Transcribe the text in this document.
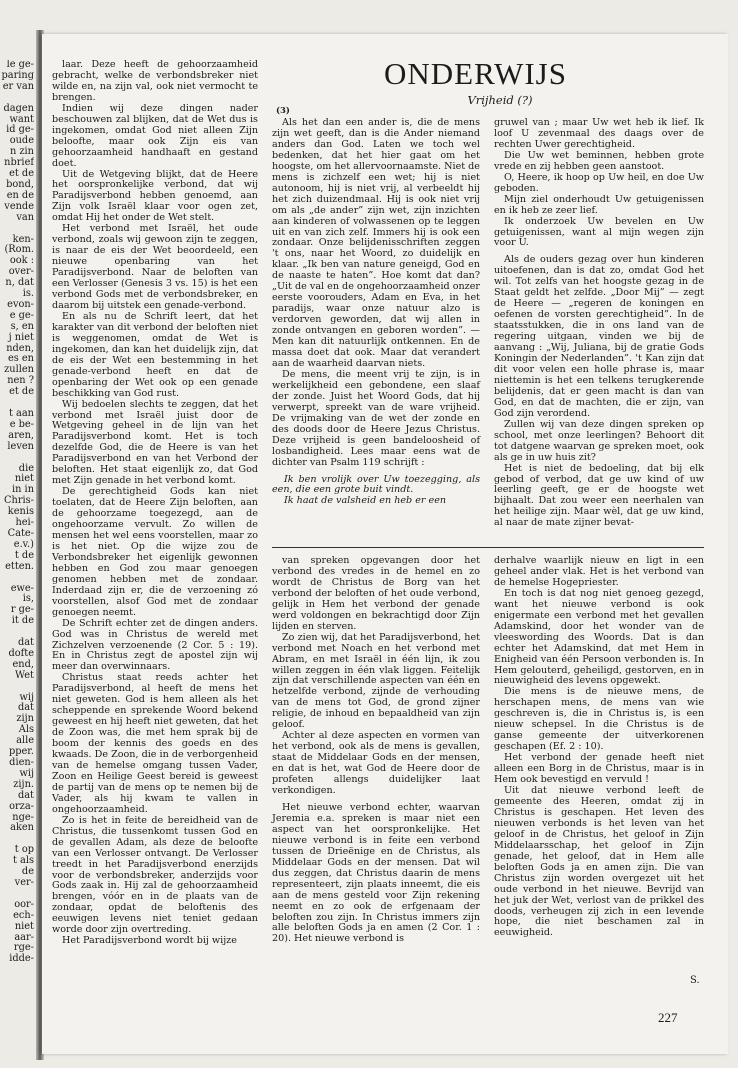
le ge-
paring
er van

dagen
want
id ge-
oude
n zin
nbrief
et de
bond,
en de
vende
van

ken-
(Rom.
ook :
over-
n, dat
is.
evon-
e ge-
s, en
j niet
nden,
es en
zullen
nen ?
et de

t aan
e be-
aren,
leven

die
niet
in in
Chris-
kenis
hei-
Cate-
e.v.)
t de
etten.

ewe-
is,
r ge-
it de

dat
dofte
end,
Wet

wij
dat
zijn
Als
alle
pper.
dien-
wij
zijn.
dat
orza-
nge-
aken

t op
t als
de
ver-

oor-
ech-
niet
aar-
rge-
idde-
ONDERWIJS
Vrijheid (?)
(3)

laar. Deze heeft de gehoorzaamheid gebracht, welke de verbondsbreker niet wilde en, na zijn val, ook niet vermocht te brengen.

Indien wij deze dingen nader beschouwen zal blijken, dat de Wet dus is ingekomen, omdat God niet alleen Zijn beloofte, maar ook Zijn eis van gehoorzaamheid handhaaft en gestand doet.

Uit de Wetgeving blijkt, dat de Heere het oorspronkelijke verbond, dat wij Paradijsverbond hebben genoemd, aan Zijn volk Israël klaar voor ogen zet, omdat Hij het onder de Wet stelt.

Het verbond met Israël, het oude verbond, zoals wij gewoon zijn te zeggen, is naar de eis der Wet beoordeeld, een nieuwe openbaring van het Paradijsverbond. Naar de beloften van een Verlosser (Genesis 3 vs. 15) is het een verbond Gods met de verbondsbreker, en daarom bij uitstek een genade-verbond.

En als nu de Schrift leert, dat het karakter van dit verbond der beloften niet is weggenomen, omdat de Wet is ingekomen, dan kan het duidelijk zijn, dat de eis der Wet een bestemming in het genade-verbond heeft en dat de openbaring der Wet ook op een genade beschikking van God rust.

Wij bedoelen slechts te zeggen, dat het verbond met Israël juist door de Wetgeving geheel in de lijn van het Paradijsverbond komt. Het is toch dezelfde God, die de Heere is van het Paradijsverbond en van het Verbond der beloften. Het staat eigenlijk zo, dat God met Zijn genade in het verbond komt.

De gerechtigheid Gods kan niet toelaten, dat de Heere Zijn beloften, aan de gehoorzame toegezegd, aan de ongehoorzame vervult. Zo willen de mensen het wel eens voorstellen, maar zo is het niet. Op die wijze zou de Verbondsbreker het eigenlijk gewonnen hebben en God zou maar genoegen genomen hebben met de zondaar. Inderdaad zijn er, die de verzoening zó voorstellen, alsof God met de zondaar genoegen neemt.

De Schrift echter zet de dingen anders. God was in Christus de wereld met Zichzelven verzoenende (2 Cor. 5 : 19). En in Christus zegt de apostel zijn wij meer dan overwinnaars.

Christus staat reeds achter het Paradijsverbond, al heeft de mens het niet geweten. God is hem alleen als het scheppende en sprekende Woord bekend geweest en hij heeft niet geweten, dat het de Zoon was, die met hem sprak bij de boom der kennis des goeds en des kwaads. De Zoon, die in de verborgenheid van de hemelse omgang tussen Vader, Zoon en Heilige Geest bereid is geweest de partij van de mens op te nemen bij de Vader, als hij kwam te vallen in ongehoorzaamheid.

Zo is het in feite de bereidheid van de Christus, die tussenkomt tussen God en de gevallen Adam, als deze de beloofte van een Verlosser ontvangt. De Verlosser treedt in het Paradijsverbond enerzijds voor de verbondsbreker, anderzijds voor Gods zaak in. Hij zal de gehoorzaamheid brengen, vóór en in de plaats van de zondaar, opdat de beloftenis des eeuwigen levens niet teniet gedaan worde door zijn overtreding.

Het Paradijsverbond wordt bij wijze

Als het dan een ander is, die de mens zijn wet geeft, dan is die Ander niemand anders dan God. Laten we toch wel bedenken, dat het hier gaat om het hoogste, om het allervoornaamste. Niet de mens is zichzelf een wet; hij is niet autonoom, hij is niet vrij, al verbeeldt hij het zich duizendmaal. Hij is ook niet vrij om als „de ander” zijn wet, zijn inzichten aan kinderen of volwassenen op te leggen uit en van zich zelf. Immers hij is ook een zondaar. Onze belijdenisschriften zeggen 't ons, naar het Woord, zo duidelijk en klaar. „Ik ben van nature geneigd, God en de naaste te haten”. Hoe komt dat dan? „Uit de val en de ongehoorzaamheid onzer eerste voorouders, Adam en Eva, in het paradijs, waar onze natuur alzo is verdorven geworden, dat wij allen in zonde ontvangen en geboren worden”. — Men kan dit natuurlijk ontkennen. En de massa doet dat ook. Maar dat verandert aan de waarheid daarvan niets.

De mens, die meent vrij te zijn, is in werkelijkheid een gebondene, een slaaf der zonde. Juist het Woord Gods, dat hij verwerpt, spreekt van de ware vrijheid. De vrijmaking van de wet der zonde en des doods door de Heere Jezus Christus. Deze vrijheid is geen bandeloosheid of losbandigheid. Lees maar eens wat de dichter van Psalm 119 schrijft :

Ik ben vrolijk over Uw toezegging, als een, die een grote buit vindt.

Ik haat de valsheid en heb er een

gruwel van ; maar Uw wet heb ik lief. Ik loof U zevenmaal des daags over de rechten Uwer gerechtigheid.

Die Uw wet beminnen, hebben grote vrede en zij hebben geen aanstoot.

O, Heere, ik hoop op Uw heil, en doe Uw geboden.

Mijn ziel onderhoudt Uw getuigenissen en ik heb ze zeer lief.

Ik onderzoek Uw bevelen en Uw getuigenissen, want al mijn wegen zijn voor U.

Als de ouders gezag over hun kinderen uitoefenen, dan is dat zo, omdat God het wil. Tot zelfs van het hoogste gezag in de Staat geldt het zelfde. „Door Mij” — zegt de Heere — „regeren de koningen en oefenen de vorsten gerechtigheid”. In de staatsstukken, die in ons land van de regering uitgaan, vinden we bij de aanvang : „Wij, Juliana, bij de gratie Gods Koningin der Nederlanden”. 't Kan zijn dat dit voor velen een holle phrase is, maar niettemin is het een telkens terugkerende belijdenis, dat er geen macht is dan van God, en dat de machten, die er zijn, van God zijn verordend.

Zullen wij van deze dingen spreken op school, met onze leerlingen? Behoort dit tot datgene waarvan ge spreken moet, ook als ge in uw huis zit?

Het is niet de bedoeling, dat bij elk gebod of verbod, dat ge uw kind of uw leerling geeft, ge er de hoogste wet bijhaalt. Dat zou weer een neerhalen van het heilige zijn. Maar wèl, dat ge uw kind, al naar de mate zijner bevat-

van spreken opgevangen door het verbond des vredes in de hemel en zo wordt de Christus de Borg van het verbond der beloften of het oude verbond, gelijk in Hem het verbond der genade werd voldongen en bekrachtigd door Zijn lijden en sterven.

Zo zien wij, dat het Paradijsverbond, het verbond met Noach en het verbond met Abram, en met Israël in één lijn, ik zou willen zeggen in één vlak liggen. Feitelijk zijn dat verschillende aspecten van één en hetzelfde verbond, zijnde de verhouding van de mens tot God, de grond zijner religie, de inhoud en bepaaldheid van zijn geloof.

Achter al deze aspecten en vormen van het verbond, ook als de mens is gevallen, staat de Middelaar Gods en der mensen, en dat is het, wat God de Heere door de profeten allengs duidelijker laat verkondigen.

Het nieuwe verbond echter, waarvan Jeremia e.a. spreken is maar niet een aspect van het oorspronkelijke. Het nieuwe verbond is in feite een verbond tussen de Drieënige en de Christus, als Middelaar Gods en der mensen. Dat wil dus zeggen, dat Christus daarin de mens representeert, zijn plaats inneemt, die eis aan de mens gesteld voor Zijn rekening neemt en zo ook de erfgenaam der beloften zou zijn. In Christus immers zijn alle beloften Gods ja en amen (2 Cor. 1 : 20). Het nieuwe verbond is

derhalve waarlijk nieuw en ligt in een geheel ander vlak. Het is het verbond van de hemelse Hogepriester.

En toch is dat nog niet genoeg gezegd, want het nieuwe verbond is ook enigermate een verbond met het gevallen Adamskind, door het wonder van de vleeswording des Woords. Dat is dan echter het Adamskind, dat met Hem in Enigheid van één Persoon verbonden is. In Hem gelouterd, geheiligd, gestorven, en in nieuwigheid des levens opgewekt.

Die mens is de nieuwe mens, de herschapen mens, de mens van wie geschreven is, die in Christus is, is een nieuw schepsel. In die Christus is de ganse gemeente der uitverkorenen geschapen (Ef. 2 : 10).

Het verbond der genade heeft niet alleen een Borg in de Christus, maar is in Hem ook bevestigd en vervuld !

Uit dat nieuwe verbond leeft de gemeente des Heeren, omdat zij in Christus is geschapen. Het leven des nieuwen verbonds is het leven van het geloof in de Christus, het geloof in Zijn Middelaarsschap, het geloof in Zijn genade, het geloof, dat in Hem alle beloften Gods ja en amen zijn. Die van Christus zijn worden overgezet uit het oude verbond in het nieuwe. Bevrijd van het juk der Wet, verlost van de prikkel des doods, verheugen zij zich in een levende hope, die niet beschamen zal in eeuwigheid.

S.
227
